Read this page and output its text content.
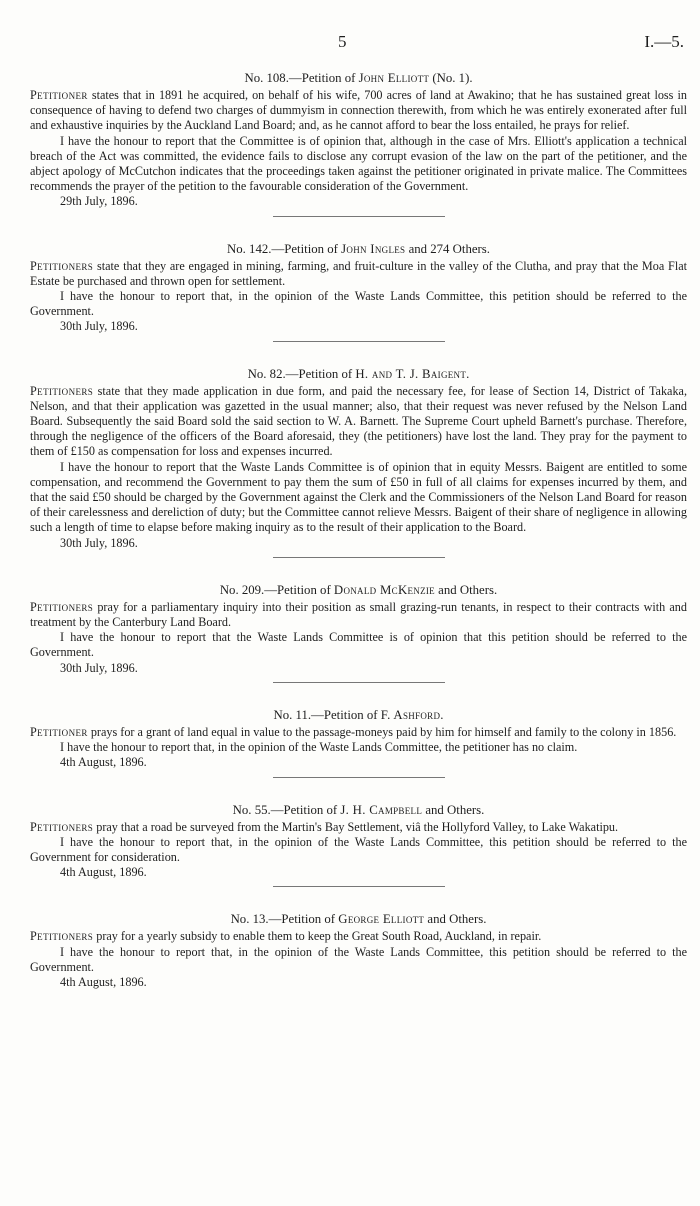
5	I.—5.
No. 108.—Petition of John Elliott (No. 1).

Petitioner states that in 1891 he acquired, on behalf of his wife, 700 acres of land at Awakino; that he has sustained great loss in consequence of having to defend two charges of dummyism in connection therewith, from which he was entirely exonerated after full and exhaustive inquiries by the Auckland Land Board; and, as he cannot afford to bear the loss entailed, he prays for relief.

I have the honour to report that the Committee is of opinion that, although in the case of Mrs. Elliott's application a technical breach of the Act was committed, the evidence fails to disclose any corrupt evasion of the law on the part of the petitioner, and the abject apology of McCutchon indicates that the proceedings taken against the petitioner originated in private malice. The Committees recommends the prayer of the petition to the favourable consideration of the Government.

29th July, 1896.

No. 142.—Petition of John Ingles and 274 Others.

Petitioners state that they are engaged in mining, farming, and fruit-culture in the valley of the Clutha, and pray that the Moa Flat Estate be purchased and thrown open for settlement.

I have the honour to report that, in the opinion of the Waste Lands Committee, this petition should be referred to the Government.

30th July, 1896.

No. 82.—Petition of H. and T. J. Baigent.

Petitioners state that they made application in due form, and paid the necessary fee, for lease of Section 14, District of Takaka, Nelson, and that their application was gazetted in the usual manner; also, that their request was never refused by the Nelson Land Board. Subsequently the said Board sold the said section to W. A. Barnett. The Supreme Court upheld Barnett's purchase. Therefore, through the negligence of the officers of the Board aforesaid, they (the petitioners) have lost the land. They pray for the payment to them of £150 as compensation for loss and expenses incurred.

I have the honour to report that the Waste Lands Committee is of opinion that in equity Messrs. Baigent are entitled to some compensation, and recommend the Government to pay them the sum of £50 in full of all claims for expenses incurred by them, and that the said £50 should be charged by the Government against the Clerk and the Commissioners of the Nelson Land Board for reason of their carelessness and dereliction of duty; but the Committee cannot relieve Messrs. Baigent of their share of negligence in allowing such a length of time to elapse before making inquiry as to the result of their application to the Board.

30th July, 1896.

No. 209.—Petition of Donald McKenzie and Others.

Petitioners pray for a parliamentary inquiry into their position as small grazing-run tenants, in respect to their contracts with and treatment by the Canterbury Land Board.

I have the honour to report that the Waste Lands Committee is of opinion that this petition should be referred to the Government.

30th July, 1896.

No. 11.—Petition of F. Ashford.

Petitioner prays for a grant of land equal in value to the passage-moneys paid by him for himself and family to the colony in 1856.

I have the honour to report that, in the opinion of the Waste Lands Committee, the petitioner has no claim.

4th August, 1896.

No. 55.—Petition of J. H. Campbell and Others.

Petitioners pray that a road be surveyed from the Martin's Bay Settlement, viâ the Hollyford Valley, to Lake Wakatipu.

I have the honour to report that, in the opinion of the Waste Lands Committee, this petition should be referred to the Government for consideration.

4th August, 1896.

No. 13.—Petition of George Elliott and Others.

Petitioners pray for a yearly subsidy to enable them to keep the Great South Road, Auckland, in repair.

I have the honour to report that, in the opinion of the Waste Lands Committee, this petition should be referred to the Government.

4th August, 1896.
